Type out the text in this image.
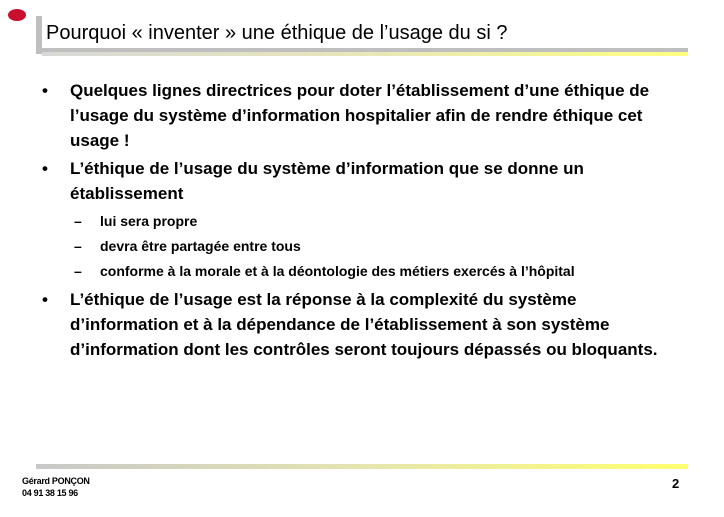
Pourquoi « inventer » une éthique de l’usage du si ?
• Quelques lignes directrices pour doter l’établissement d’une éthique de l’usage du système d’information hospitalier afin de rendre éthique cet usage !
• L’éthique de l’usage du système d’information que se donne un établissement
– lui sera propre
– devra être partagée entre tous
– conforme à la morale et à la déontologie des métiers exercés à l’hôpital
• L’éthique de l’usage est la réponse à la complexité du système d’information et à la dépendance de l’établissement à son système d’information dont les contrôles seront toujours dépassés ou bloquants.
Gérard PONÇON
04 91 38 15 96
2
